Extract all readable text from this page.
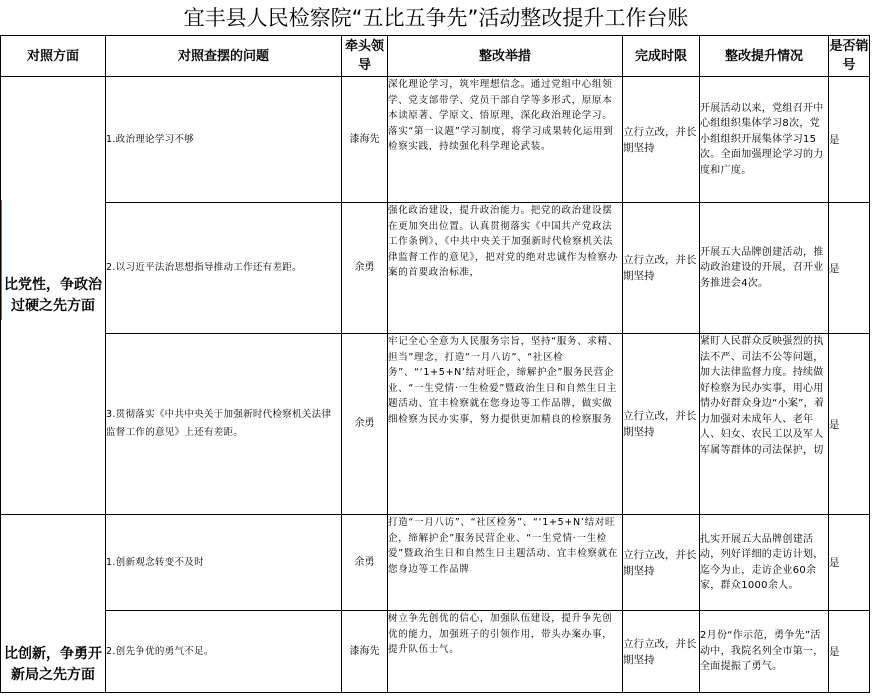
宜丰县人民检察院“五比五争先”活动整改提升工作台账
对照方面	对照查摆的问题	牵头领导	整改举措	完成时限	整改提升情况	是否销号
比党性，争政治过硬之先方面	1.政治理论学习不够	漆海先	深化理论学习，筑牢理想信念。通过党组中心组领学、党支部带学、党员干部自学等多形式，原原本本读原著、学原文、悟原理，深化政治理论学习。落实“第一议题”学习制度，将学习成果转化运用到检察实践，持续强化科学理论武装。	立行立改，并长期坚持	开展活动以来，党组召开中心组组织集体学习8次，党小组组织开展集体学习15次。全面加强理论学习的力度和广度。	是
	2.以习近平法治思想指导推动工作还有差距。	余勇	强化政治建设，提升政治能力。把党的政治建设摆在更加突出位置。认真贯彻落实《中国共产党政法工作条例》、《中共中央关于加强新时代检察机关法律监督工作的意见》，把对党的绝对忠诚作为检察办案的首要政治标准，	立行立改，并长期坚持	开展五大品牌创建活动，推动政治建设的开展，召开业务推进会4次。	是
	3.贯彻落实《中共中央关于加强新时代检察机关法律监督工作的意见》上还有差距。	余勇	牢记全心全意为人民服务宗旨，坚持“服务、求精、担当”理念，打造“一月八访”、“社区检务”、“‘1+5+N’结对旺企，缔解护企”服务民营企业、“一生党情·一生检爱”暨政治生日和自然生日主题活动、宜丰检察就在您身边等工作品牌，做实做细检察为民办实事，努力提供更加精良的检察服务	立行立改，并长期坚持	紧盯人民群众反映强烈的执法不严、司法不公等问题，加大法律监督力度。持续做好检察为民办实事，用心用情办好群众身边“小案”，着力加强对未成年人、老年人、妇女、农民工以及军人军属等群体的司法保护，切	是

比创新，争勇开新局之先方面	1.创新观念转变不及时	余勇	打造“一月八访”、“社区检务”、“‘1+5+N’结对旺企，缔解护企”服务民营企业、“一生党情·一生检爱”暨政治生日和自然生日主题活动、宜丰检察就在您身边等工作品牌	立行立改，并长期坚持	扎实开展五大品牌创建活动，列好详细的走访计划，迄今为止，走访企业60余家，群众1000余人。	是
	2.创先争优的勇气不足。	漆海先	树立争先创优的信心，加强队伍建设，提升争先创优的能力，加强班子的引领作用，带头办案办事，提升队伍士气。	立行立改，并长期坚持	2月份“作示范，勇争先”活动中，我院名列全市第一，全面提振了勇气。	是
